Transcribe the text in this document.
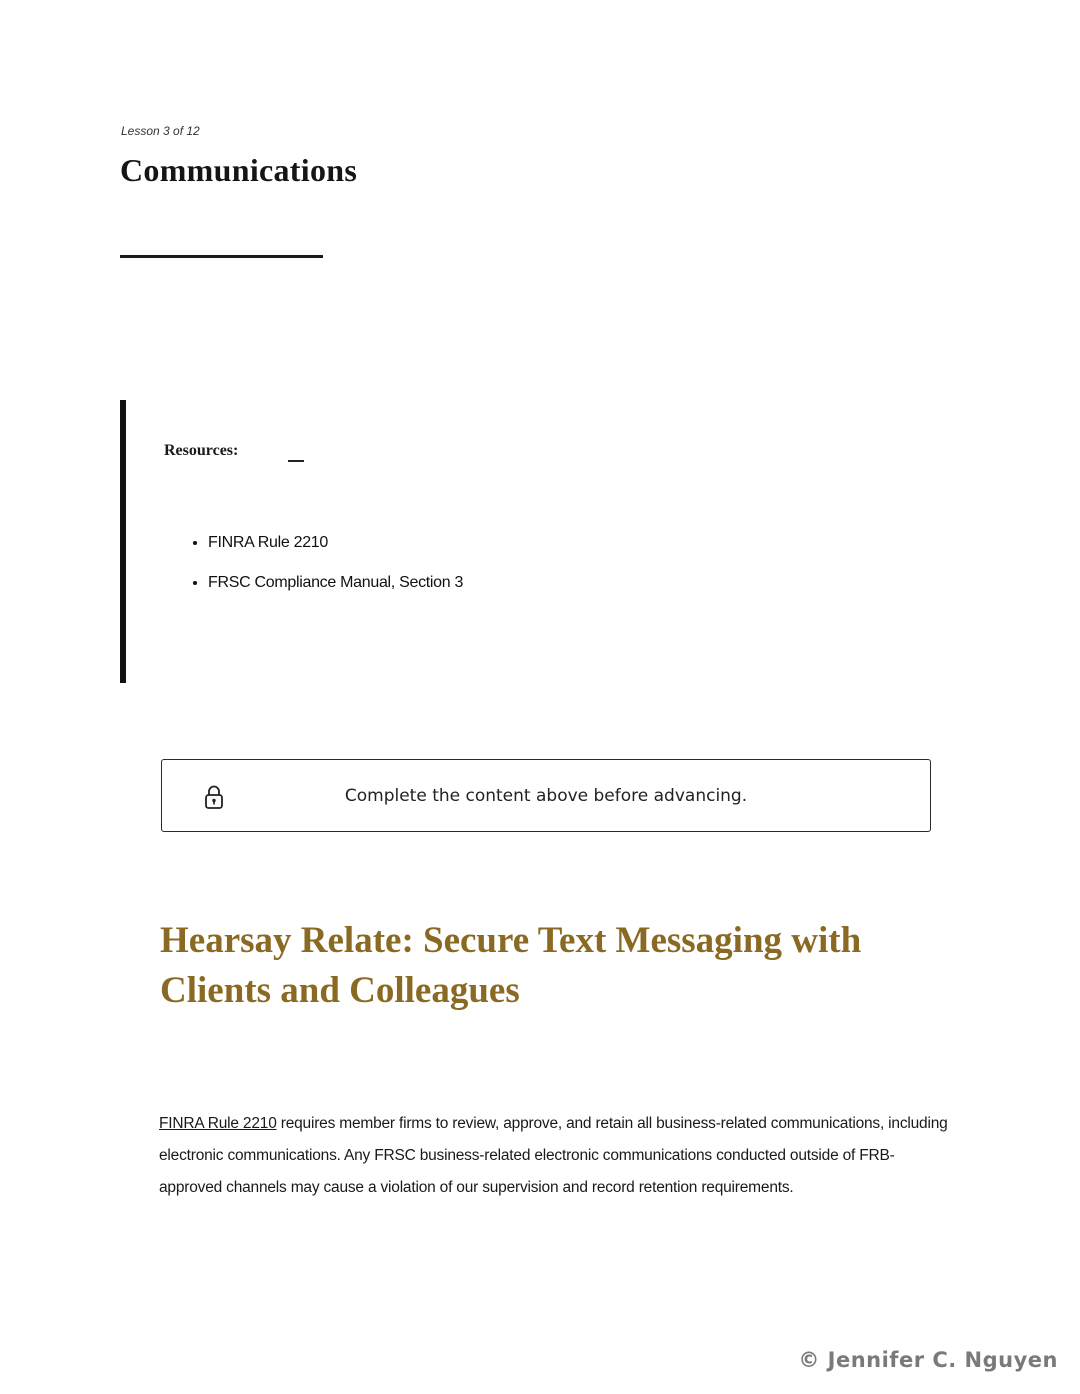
Lesson 3 of 12
Communications
Resources:
• FINRA Rule 2210
• FRSC Compliance Manual, Section 3
Complete the content above before advancing.
Hearsay Relate: Secure Text Messaging with Clients and Colleagues

FINRA Rule 2210 requires member firms to review, approve, and retain all business-related communications, including electronic communications. Any FRSC business-related electronic communications conducted outside of FRB-approved channels may cause a violation of our supervision and record retention requirements.

© Jennifer C. Nguyen
